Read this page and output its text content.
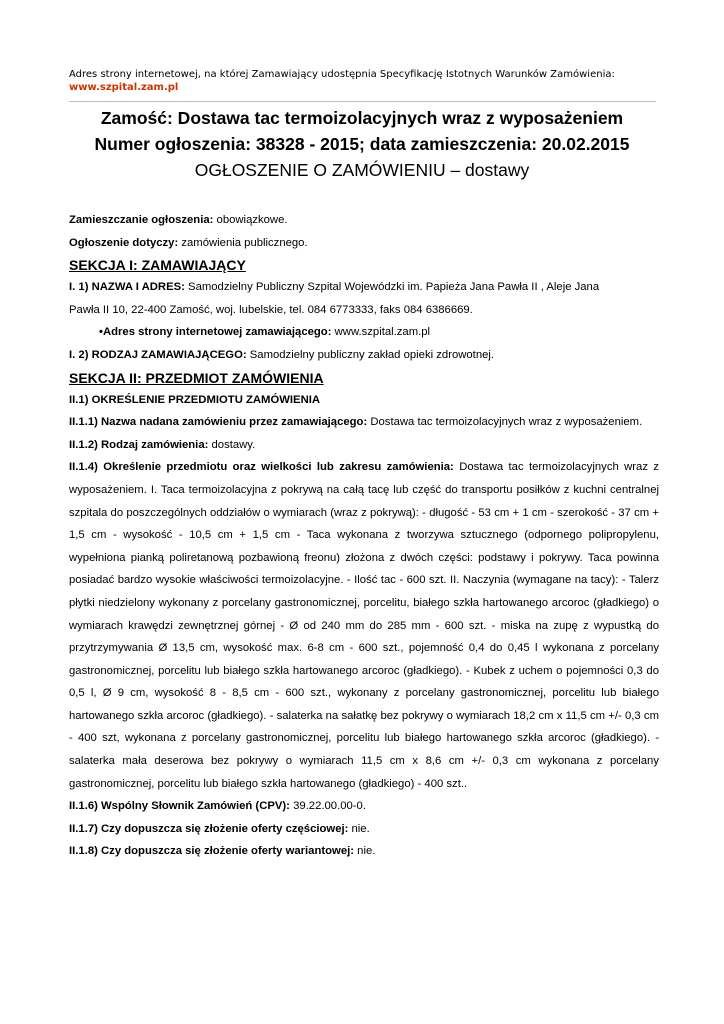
Adres strony internetowej, na której Zamawiający udostępnia Specyfikację Istotnych Warunków Zamówienia:
www.szpital.zam.pl
Zamość: Dostawa tac termoizolacyjnych wraz z wyposażeniem
Numer ogłoszenia: 38328 - 2015; data zamieszczenia: 20.02.2015
OGŁOSZENIE O ZAMÓWIENIU – dostawy

Zamieszczanie ogłoszenia: obowiązkowe.

Ogłoszenie dotyczy: zamówienia publicznego.

SEKCJA I: ZAMAWIAJĄCY

I. 1) NAZWA I ADRES: Samodzielny Publiczny Szpital Wojewódzki im. Papieża Jana Pawła II , Aleje Jana

Pawła II 10, 22-400 Zamość, woj. lubelskie, tel. 084 6773333, faks 084 6386669.

•Adres strony internetowej zamawiającego: www.szpital.zam.pl

I. 2) RODZAJ ZAMAWIAJĄCEGO: Samodzielny publiczny zakład opieki zdrowotnej.

SEKCJA II: PRZEDMIOT ZAMÓWIENIA

II.1) OKREŚLENIE PRZEDMIOTU ZAMÓWIENIA

II.1.1) Nazwa nadana zamówieniu przez zamawiającego: Dostawa tac termoizolacyjnych wraz z wyposażeniem.

II.1.2) Rodzaj zamówienia: dostawy.

II.1.4) Określenie przedmiotu oraz wielkości lub zakresu zamówienia: Dostawa tac termoizolacyjnych wraz z wyposażeniem. I. Taca termoizolacyjna z pokrywą na całą tacę lub część do transportu posiłków z kuchni centralnej szpitala do poszczególnych oddziałów o wymiarach (wraz z pokrywą): - długość - 53 cm + 1 cm - szerokość - 37 cm + 1,5 cm - wysokość - 10,5 cm + 1,5 cm - Taca wykonana z tworzywa sztucznego (odpornego polipropylenu, wypełniona pianką poliretanową pozbawioną freonu) złożona z dwóch części: podstawy i pokrywy. Taca powinna posiadać bardzo wysokie właściwości termoizolacyjne. - Ilość tac - 600 szt. II. Naczynia (wymagane na tacy): - Talerz płytki niedzielony wykonany z porcelany gastronomicznej, porcelitu, białego szkła hartowanego arcoroc (gładkiego) o wymiarach krawędzi zewnętrznej górnej - Ø od 240 mm do 285 mm - 600 szt. - miska na zupę z wypustką do przytrzymywania Ø 13,5 cm, wysokość max. 6-8 cm - 600 szt., pojemność 0,4 do 0,45 l wykonana z porcelany gastronomicznej, porcelitu lub białego szkła hartowanego arcoroc (gładkiego). - Kubek z uchem o pojemności 0,3 do 0,5 l, Ø 9 cm, wysokość 8 - 8,5 cm - 600 szt., wykonany z porcelany gastronomicznej, porcelitu lub białego hartowanego szkła arcoroc (gładkiego). - salaterka na sałatkę bez pokrywy o wymiarach 18,2 cm x 11,5 cm +/- 0,3 cm - 400 szt, wykonana z porcelany gastronomicznej, porcelitu lub białego hartowanego szkła arcoroc (gładkiego). - salaterka mała deserowa bez pokrywy o wymiarach 11,5 cm x 8,6 cm +/- 0,3 cm wykonana z porcelany gastronomicznej, porcelitu lub białego szkła hartowanego (gładkiego) - 400 szt..

II.1.6) Wspólny Słownik Zamówień (CPV): 39.22.00.00-0.

II.1.7) Czy dopuszcza się złożenie oferty częściowej: nie.

II.1.8) Czy dopuszcza się złożenie oferty wariantowej: nie.
